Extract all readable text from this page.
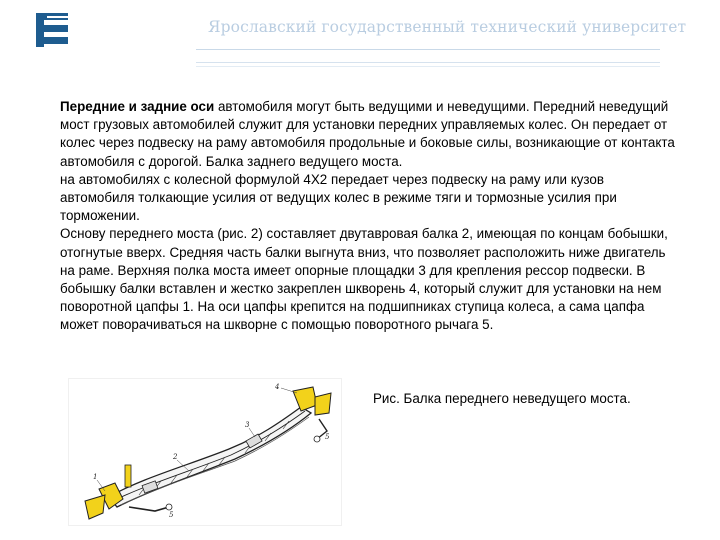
Ярославский государственный технический университет

Передние и задние оси автомобиля могут быть ведущими и неведущими. Передний неведущий мост грузовых автомобилей служит для установки передних управляемых колес. Он передает от колес через подвеску на раму автомобиля продольные и боковые силы, возникающие от контакта автомобиля с дорогой. Балка заднего ведущего моста.

на автомобилях с колесной формулой 4Х2 передает через подвеску на раму или кузов автомобиля толкающие усилия от ведущих колес в режиме тяги и тормозные усилия при торможении.

Основу переднего моста (рис. 2) составляет двутавровая балка 2, имеющая по концам бобышки, отогнутые вверх. Средняя часть балки выгнута вниз, что позволяет расположить ниже двигатель на раме. Верхняя полка моста имеет опорные площадки 3 для крепления рессор подвески. В бобышку балки вставлен и жестко закреплен шкворень 4, который служит для установки на нем поворотной цапфы 1. На оси цапфы крепится на подшипниках ступица колеса, а сама цапфа может поворачиваться на шкворне с помощью поворотного рычага 5.

1
2
3
4
5
5
Рис. Балка переднего неведущего моста.
